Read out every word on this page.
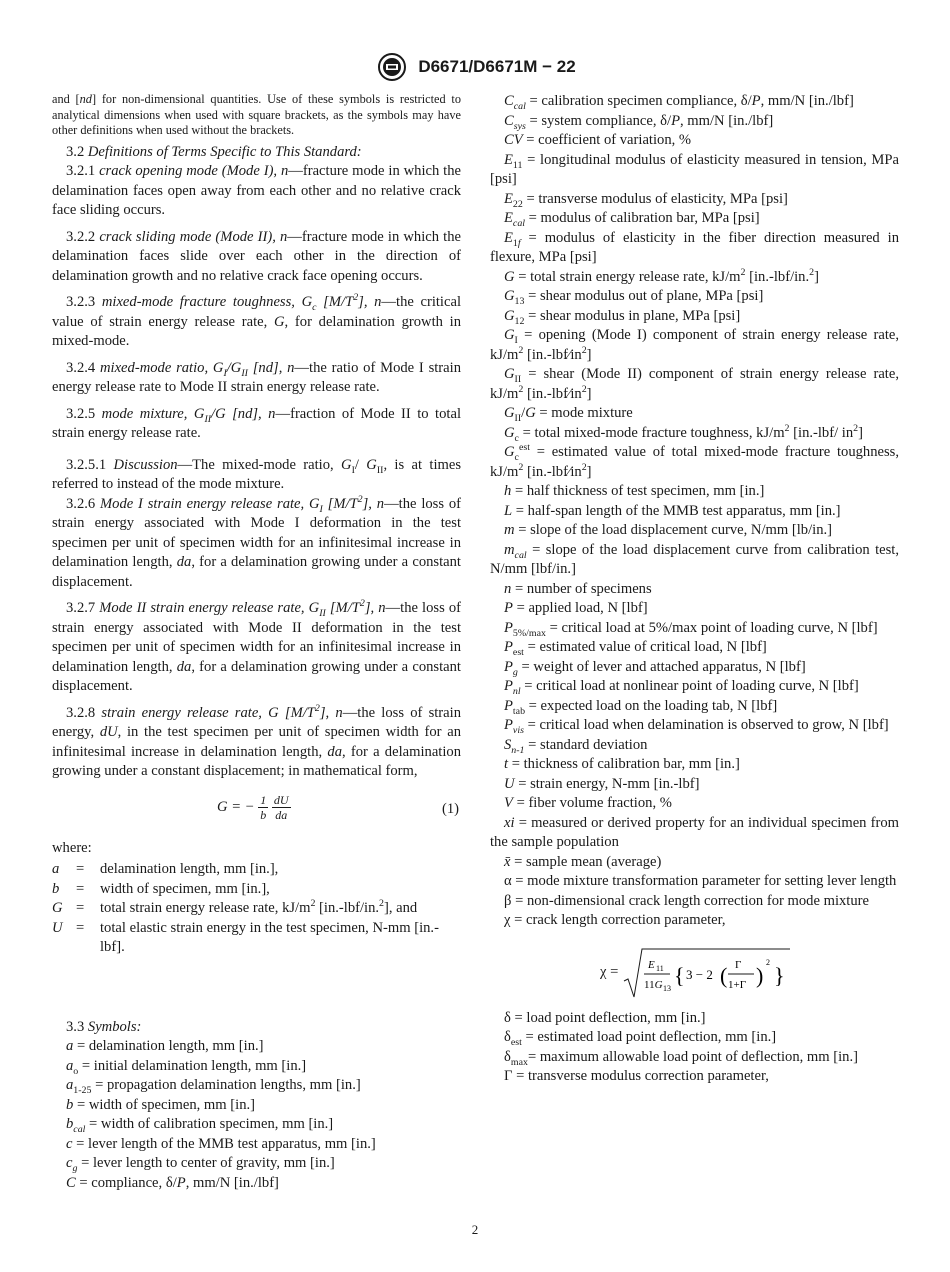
D6671/D6671M − 22

and [nd] for non-dimensional quantities. Use of these symbols is restricted to analytical dimensions when used with square brackets, as the symbols may have other definitions when used without the brackets.

3.2 Definitions of Terms Specific to This Standard:

3.2.1 crack opening mode (Mode I), n—fracture mode in which the delamination faces open away from each other and no relative crack face sliding occurs.

3.2.2 crack sliding mode (Mode II), n—fracture mode in which the delamination faces slide over each other in the direction of delamination growth and no relative crack face opening occurs.

3.2.3 mixed-mode fracture toughness, $G_c$ $[M/T^2]$, n—the critical value of strain energy release rate, G, for delamination growth in mixed-mode.

3.2.4 mixed-mode ratio, $G_I/G_{II}$ [nd], n—the ratio of Mode I strain energy release rate to Mode II strain energy release rate.

3.2.5 mode mixture, $G_{II}/G$ [nd], n—fraction of Mode II to total strain energy release rate.

3.2.5.1 Discussion—The mixed-mode ratio, $G_I/$ $G_{II}$, is at times referred to instead of the mode mixture.

3.2.6 Mode I strain energy release rate, $G_I$ $[M/T^2]$, n—the loss of strain energy associated with Mode I deformation in the test specimen per unit of specimen width for an infinitesimal increase in delamination length, da, for a delamination growing under a constant displacement.

3.2.7 Mode II strain energy release rate, $G_{II}$ $[M/T^2]$, n—the loss of strain energy associated with Mode II deformation in the test specimen per unit of specimen width for an infinitesimal increase in delamination length, da, for a delamination growing under a constant displacement.

3.2.8 strain energy release rate, G $[M/T^2]$, n—the loss of strain energy, dU, in the test specimen per unit of specimen width for an infinitesimal increase in delamination length, da, for a delamination growing under a constant displacement; in mathematical form,

G = − $\frac{1}{b}$
$\frac{dU}{da}$	(1)

where:

a	=	delamination length, mm [in.],
b	=	width of specimen, mm [in.],
G	=	total strain energy release rate, $kJ/m^2$ [in.-lbf/in.$^2$], and
U	=	total elastic strain energy in the test specimen, N-mm [in.-lbf].

3.3 Symbols:

a = delamination length, mm [in.]

$a_o$ = initial delamination length, mm [in.]

$a_{1-25}$ = propagation delamination lengths, mm [in.]

b = width of specimen, mm [in.]

$b_{cal}$ = width of calibration specimen, mm [in.]

c = lever length of the MMB test apparatus, mm [in.]

$c_g$ = lever length to center of gravity, mm [in.]

C = compliance, δ/P, mm/N [in./lbf]

$C_{cal}$ = calibration specimen compliance, δ/P, mm/N [in./lbf]

$C_{sys}$ = system compliance, δ/P, mm/N [in./lbf]

CV = coefficient of variation, %

$E_{11}$ = longitudinal modulus of elasticity measured in tension, MPa [psi]

$E_{22}$ = transverse modulus of elasticity, MPa [psi]

$E_{cal}$ = modulus of calibration bar, MPa [psi]

$E_{1f}$ = modulus of elasticity in the fiber direction measured in flexure, MPa [psi]

G = total strain energy release rate, $kJ/m^2$ [in.-lbf/in.$^2$]

$G_{13}$ = shear modulus out of plane, MPa [psi]

$G_{12}$ = shear modulus in plane, MPa [psi]

$G_I$ = opening (Mode I) component of strain energy release rate, $kJ/m^2$ $[in.-lbf⁄in^2]$

$G_{II}$ = shear (Mode II) component of strain energy release rate, $kJ/m^2$ $[in.-lbf⁄in^2]$

$G_{II}/G$ = mode mixture

$G_c$ = total mixed-mode fracture toughness, $kJ/m^2$ [in.-lbf/ $in^2$]

$G_c^{est}$ = estimated value of total mixed-mode fracture toughness, $kJ/m^2$ $[in.-lbf⁄in^2]$

h = half thickness of test specimen, mm [in.]

L = half-span length of the MMB test apparatus, mm [in.]

m = slope of the load displacement curve, N/mm [lb/in.]

$m_{cal}$ = slope of the load displacement curve from calibration test, N/mm [lbf/in.]

n = number of specimens

P = applied load, N [lbf]

$P_{5\%/max}$ = critical load at 5%/max point of loading curve, N [lbf]

$P_{est}$ = estimated value of critical load, N [lbf]

$P_g$ = weight of lever and attached apparatus, N [lbf]

$P_{nl}$ = critical load at nonlinear point of loading curve, N [lbf]

$P_{tab}$ = expected load on the loading tab, N [lbf]

$P_{vis}$ = critical load when delamination is observed to grow, N [lbf]

$S_{n-1}$ = standard deviation

t = thickness of calibration bar, mm [in.]

U = strain energy, N-mm [in.-lbf]

V = fiber volume fraction, %

xi = measured or derived property for an individual specimen from the sample population

x̄ = sample mean (average)

α = mode mixture transformation parameter for setting lever length

β = non-dimensional crack length correction for mode mixture

χ = crack length correction parameter,

χ =	E 11
11G 13
{ 3 − 2 ( Γ
1+Γ )
2
}

δ = load point deflection, mm [in.]

$\delta_{est}$ = estimated load point deflection, mm [in.]

$\delta_{max}=$ maximum allowable load point of deflection, mm [in.]

Γ = transverse modulus correction parameter,

2
